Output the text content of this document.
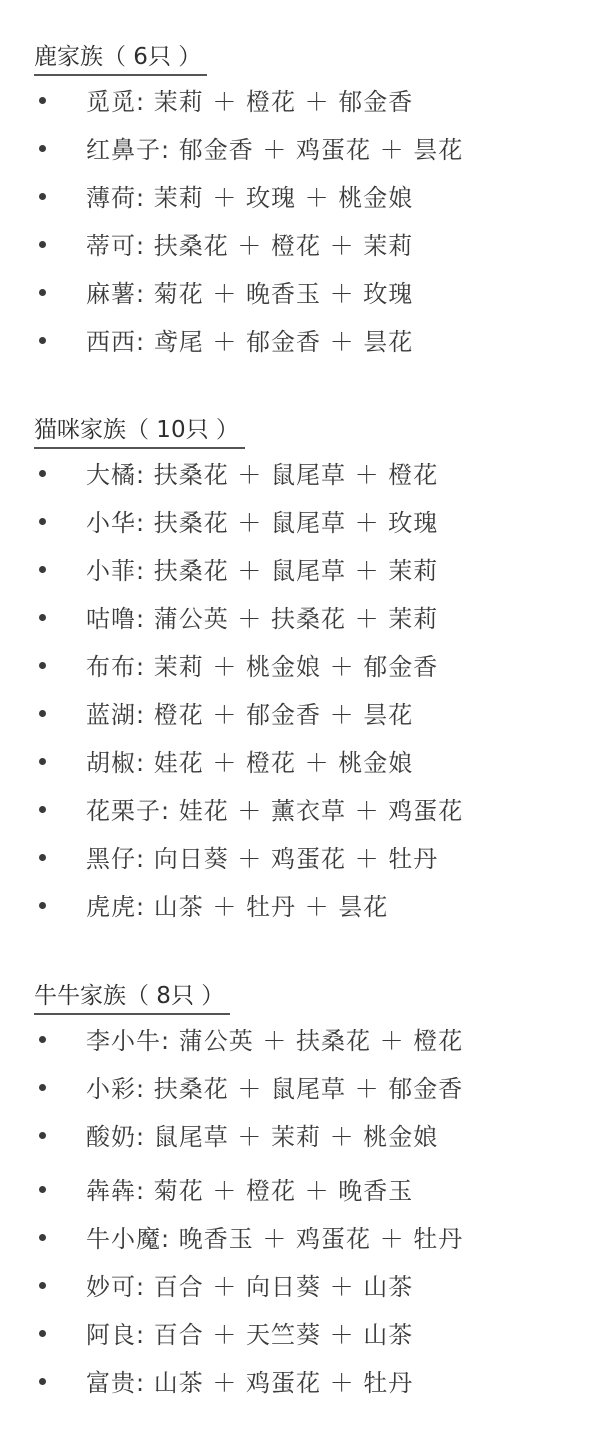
鹿家族（ 6只 ）
觅觅: 茉莉 ＋ 橙花 ＋ 郁金香
红鼻子: 郁金香 ＋ 鸡蛋花 ＋ 昙花
薄荷: 茉莉 ＋ 玫瑰 ＋ 桃金娘
蒂可: 扶桑花 ＋ 橙花 ＋ 茉莉
麻薯: 菊花 ＋ 晚香玉 ＋ 玫瑰
西西: 鸢尾 ＋ 郁金香 ＋ 昙花
猫咪家族（ 10只 ）
大橘: 扶桑花 ＋ 鼠尾草 ＋ 橙花
小华: 扶桑花 ＋ 鼠尾草 ＋ 玫瑰
小菲: 扶桑花 ＋ 鼠尾草 ＋ 茉莉
咕噜: 蒲公英 ＋ 扶桑花 ＋ 茉莉
布布: 茉莉 ＋ 桃金娘 ＋ 郁金香
蓝湖: 橙花 ＋ 郁金香 ＋ 昙花
胡椒: 娃花 ＋ 橙花 ＋ 桃金娘
花栗子: 娃花 ＋ 薰衣草 ＋ 鸡蛋花
黑仔: 向日葵 ＋ 鸡蛋花 ＋ 牡丹
虎虎: 山茶 ＋ 牡丹 ＋ 昙花
牛牛家族（ 8只 ）
李小牛: 蒲公英 ＋ 扶桑花 ＋ 橙花
小彩: 扶桑花 ＋ 鼠尾草 ＋ 郁金香
酸奶: 鼠尾草 ＋ 茉莉 ＋ 桃金娘
犇犇: 菊花 ＋ 橙花 ＋ 晚香玉
牛小魔: 晚香玉 ＋ 鸡蛋花 ＋ 牡丹
妙可: 百合 ＋ 向日葵 ＋ 山茶
阿良: 百合 ＋ 天竺葵 ＋ 山茶
富贵: 山茶 ＋ 鸡蛋花 ＋ 牡丹
